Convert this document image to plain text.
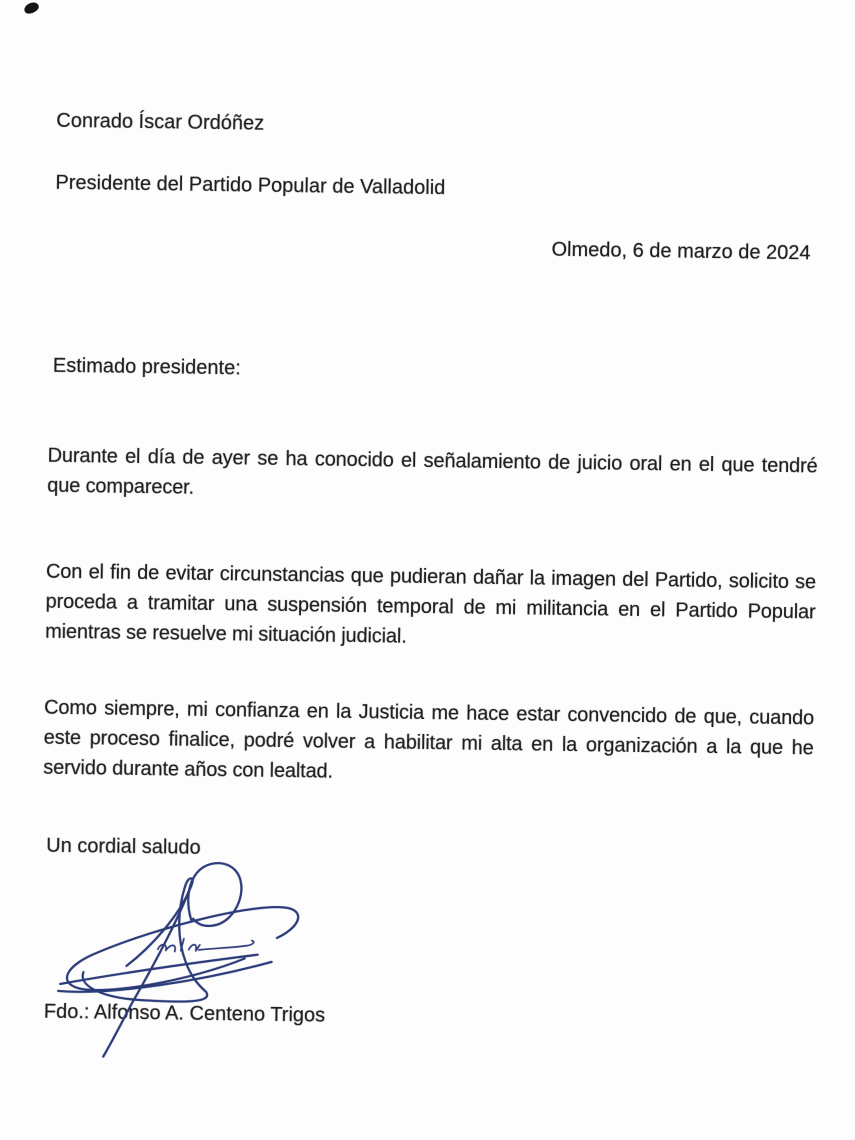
Conrado Íscar Ordóñez

Presidente del Partido Popular de Valladolid

Olmedo, 6 de marzo de 2024
Estimado presidente:
Durante el día de ayer se ha conocido el señalamiento de juicio oral en el que tendré
que comparecer.
Con el fin de evitar circunstancias que pudieran dañar la imagen del Partido, solicito se
proceda a tramitar una suspensión temporal de mi militancia en el Partido Popular
mientras se resuelve mi situación judicial.
Como siempre, mi confianza en la Justicia me hace estar convencido de que, cuando
este proceso finalice, podré volver a habilitar mi alta en la organización a la que he
servido durante años con lealtad.
Un cordial saludo
Fdo.: Alfonso A. Centeno Trigos
